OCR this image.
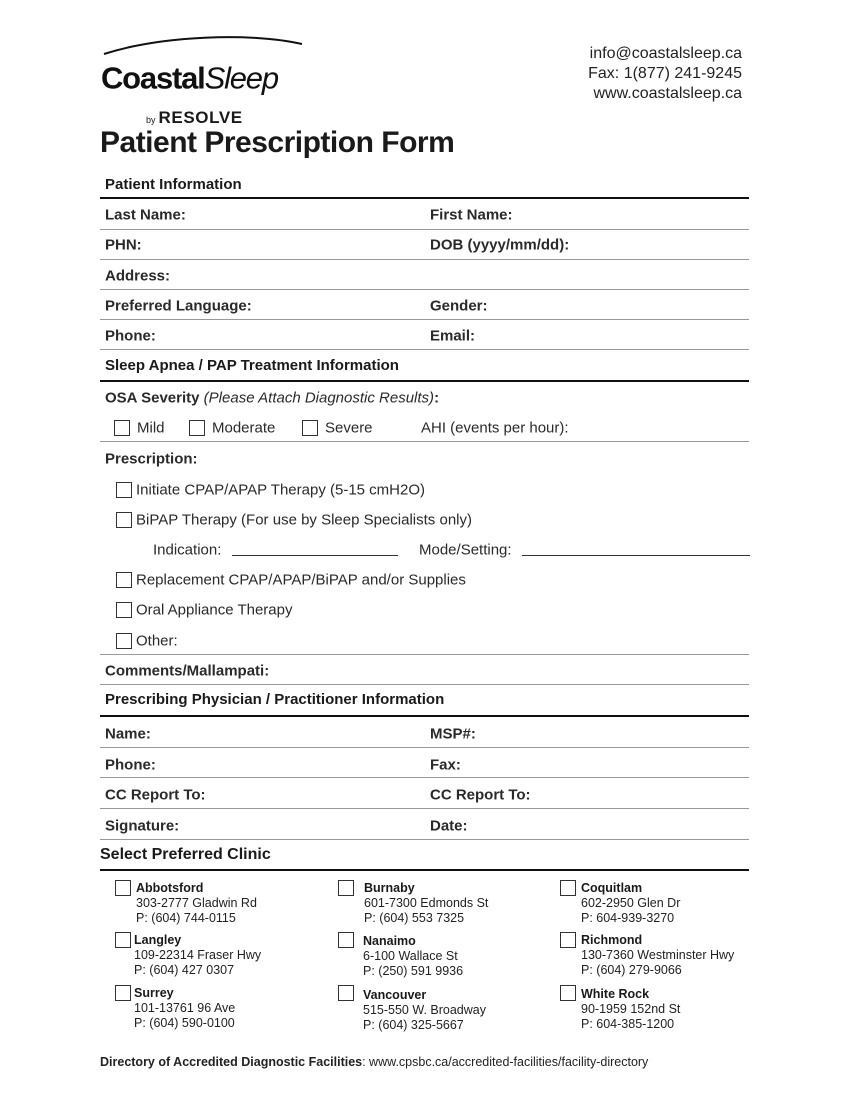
CoastalSleep
by RESOLVE
info@coastalsleep.ca
Fax: 1(877) 241-9245
www.coastalsleep.ca
Patient Prescription Form
Patient Information
Last Name:	First Name:
PHN:	DOB (yyyy/mm/dd):
Address:
Preferred Language:	Gender:
Phone:	Email:
Sleep Apnea / PAP Treatment Information
OSA Severity (Please Attach Diagnostic Results):
Mild	Moderate	Severe	AHI (events per hour):
Prescription:
Initiate CPAP/APAP Therapy (5-15 cmH2O)
BiPAP Therapy (For use by Sleep Specialists only)
Indication:	Mode/Setting:
Replacement CPAP/APAP/BiPAP and/or Supplies
Oral Appliance Therapy
Other:
Comments/Mallampati:
Prescribing Physician / Practitioner Information
Name:	MSP#:
Phone:	Fax:
CC Report To:	CC Report To:
Signature:	Date:
Select Preferred Clinic
Abbotsford
303-2777 Gladwin Rd
P: (604) 744-0115
Burnaby
601-7300 Edmonds St
P: (604) 553 7325
Coquitlam
602-2950 Glen Dr
P: 604-939-3270
Langley
109-22314 Fraser Hwy
P: (604) 427 0307
Nanaimo
6-100 Wallace St
P: (250) 591 9936
Richmond
130-7360 Westminster Hwy
P: (604) 279-9066
Surrey
101-13761 96 Ave
P: (604) 590-0100
Vancouver
515-550 W. Broadway
P: (604) 325-5667
White Rock
90-1959 152nd St
P: 604-385-1200
Directory of Accredited Diagnostic Facilities: www.cpsbc.ca/accredited-facilities/facility-directory
